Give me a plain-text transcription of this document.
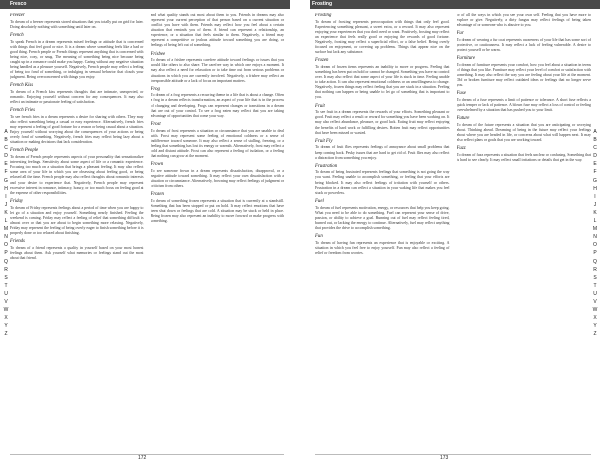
Fresco
Freezer
To dream of a freezer represents stored situations that you totally put on grid for later. Doing absolutely nothing with something until later on.
French
To speak French in a dream represents mixed feelings or attitude that is concerned with things that feel good or nice. It is a dream where something feels like a bad or good thing. French people or French things represent anything that is concerned with being nice, cozy, or snug. The meaning of something being nice because being caught up in a romance could make you happy. Caring without any negative situation being handled as a pleasure yourself. Negatively, French people may reflect a feeling of being too fond of something, or indulging in sensual behavior that clouds your judgment. Being overconcerned with things you enjoy.
French Kiss
To dream of a French kiss represents thoughts that are intimate, unexpected, or romantic. Enjoying yourself without concern for any consequences. It may also reflect an intimate or passionate feeling of satisfaction.
French Fries
To see french fries in a dream represents a desire for sharing with others. They may also reflect something being a casual or easy experience. Alternatively, french fries may represent a feeling of good fortune for a reason or being casual about a situation. Enjoy yourself without worrying about the consequences of your actions or being overly fond of something. Negatively, french fries may reflect being lazy about a situation or making decisions that lack consideration.
French People
To dream of French people represents aspects of your personality that sensationalize interesting feelings. Sensitivity about some aspect of life or a romantic experience. Focusing too much on a situation that brings a pleasant feeling. It may also reflect some area of your life in which you are obsessing about feeling good, or being relaxed all the time. French people may also reflect thoughts about romantic interests and your desire to experience that. Negatively, French people may represent excessive interest in romance, intimacy, luxury, or too much focus on feeling good at the expense of other responsibilities.
Friday
To dream of Friday represents feelings about a period of time when you are happy to let go of a situation and enjoy yourself. Something nearly finished. Feeling the weekend is coming. Friday may reflect a feeling of relief that something difficult is almost over or that you are about to begin something more relaxing. Negatively, Friday may represent the feeling of being overly eager to finish something before it is properly done or too relaxed about finishing.
Friends
To dream of a friend represents a quality in yourself based on your most honest feelings about them. Ask yourself what memories or feelings stand out the most about that friend.
and what quality stands out most about them to you. Friends in dreams may also represent your current perception of that person based on a current situation or conflict you have with them. Friends may reflect how you feel about a certain situation that reminds you of them. A friend can represent a relationship, an experience, or a situation that feels similar to them. Negatively, a friend may represent a competitive or jealous attitude toward something you are doing, or feelings of being left out of something.
Frisbee
To dream of a frisbee represents carefree attitude toward feelings or issues that you would like others to also share. The carefree way in which one enjoys a moment. It may also reflect a need for relaxation or to take time out from serious problems or situations in which you are currently involved. Negatively, a frisbee may reflect an irresponsible attitude or a lack of focus on important matters.
Frog
To dream of a frog represents a recurring theme in a life that is about a change. Often a frog in a dream reflects transformation, an aspect of your life that is in the process of changing and developing. Frogs can represent changes or transitions in a dream that are out of your control. To see a frog eaten may reflect that you are taking advantage of opportunities that come your way.
Frost
To dream of frost represents a situation or circumstance that you are unable to deal with. Frost may represent some feeling of emotional coldness or a sense of indifference toward someone. It may also reflect a sense of stalling, freezing, or a feeling that something has lost its energy or warmth. Alternatively, frost may reflect a cold and distant attitude. Frost can also represent a feeling of isolation, or a feeling that nothing can grow at the moment.
Frown
To see someone frown in a dream represents dissatisfaction, disapproval, or a negative attitude toward something. It may reflect your own dissatisfaction with a situation or circumstance. Alternatively, frowning may reflect feelings of judgment or criticism from others.
Frozen
To dream of something frozen represents a situation that is currently at a standstill. Something that has been stopped or put on hold. It may reflect emotions that have been shut down or feelings that are cold. A situation may be stuck or held in place. Being frozen may also represent an inability to move forward or make progress with something.
A
B
C
D
E
F
G
H
I
J
K
L
M
N
O
P
Q
R
S
T
U
V
W
X
Y
Z
172
Frosting
Frosting
To dream of frosting represents preoccupation with things that only feel good. Experiencing something pleasant, a sweet extra, or a reward. It may also represent enjoying your experiences that you don't need or want. Positively, frosting may reflect an experience that feels really good or enjoying the rewards of good fortune. Negatively, frosting may reflect a superficial effort, or a false belief. Being overly focused on enjoyment, or covering up problems. Things that appear nice on the surface but lack any substance.
Frozen
To dream of frozen items represents an inability to move or progress. Feeling that something has been put on hold or cannot be changed. Something you have no control over. It may also reflect that some aspect of your life is stuck in time. Feeling unable to take action. It can also represent emotional coldness or an unwillingness to change. Negatively, frozen things may reflect feeling that you are stuck in a situation. Feeling that nothing can happen or being unable to let go of something that is important to you.
Fruit
To see fruit in a dream represents the rewards of your efforts. Something pleasant or good. Fruit may reflect a result or reward for something you have been working on. It may also reflect abundance, pleasure, or good luck. Eating fruit may reflect enjoying the benefits of hard work or fulfilling desires. Rotten fruit may reflect opportunities that have been missed or wasted.
Fruit Fly
To dream of fruit flies represents feelings of annoyance about small problems that keep coming back. Pesky issues that are hard to get rid of. Fruit flies may also reflect a distraction from something you enjoy.
Frustration
To dream of being frustrated represents feelings that something is not going the way you want. Feeling unable to accomplish something, or feeling that your efforts are being blocked. It may also reflect feelings of irritation with yourself or others. Frustration in a dream can reflect a situation in your waking life that makes you feel stuck or powerless.
Fuel
To dream of fuel represents motivation, energy, or resources that help you keep going. What you need to be able to do something. Fuel can represent your sense of drive, passion, or ability to achieve a goal. Running out of fuel may reflect feeling tired, burned out, or lacking the energy to continue. Alternatively, fuel may reflect anything that provides the drive to accomplish something.
Fun
To dream of having fun represents an experience that is enjoyable or exciting. A situation in which you feel free to enjoy yourself. Fun may also reflect a feeling of relief or freedom from worries.
or of all the ways in which you see your own self. Feeling that you have more to explore or give. Negatively, a dirty fungus may reflect feelings of being taken advantage of or someone who is abusive to you.
Fur
To dream of wearing a fur coat represents awareness of your life that has some sort of protective, or cautiousness. It may reflect a lack of feeling vulnerable. A desire to protect yourself or be warm.
Furniture
To dream of furniture represents your comfort, how you feel about a situation in terms of things that you like. Furniture may reflect your level of comfort or satisfaction with something. It may also reflect the way you are feeling about your life at the moment. Old or broken furniture may reflect outdated ideas or feelings that no longer serve you.
Fuse
To dream of a fuse represents a limit of patience or tolerance. A short fuse reflects a quick temper or lack of patience. A blown fuse may reflect a loss of control or feeling overwhelmed by a situation that has pushed you to your limit.
Future
To dream of the future represents a situation that you are anticipating or worrying about. Thinking ahead. Dreaming of being in the future may reflect your feelings about where you are headed in life, or concerns about what will happen next. It may also reflect plans or goals that you are working toward.
Fuzz
To dream of fuzz represents a situation that feels unclear or confusing. Something that is hard to see clearly. It may reflect small irritations or details that get in the way.
A
B
C
D
E
F
G
H
I
J
K
L
M
N
O
P
Q
R
S
T
U
V
W
X
Y
Z
173
